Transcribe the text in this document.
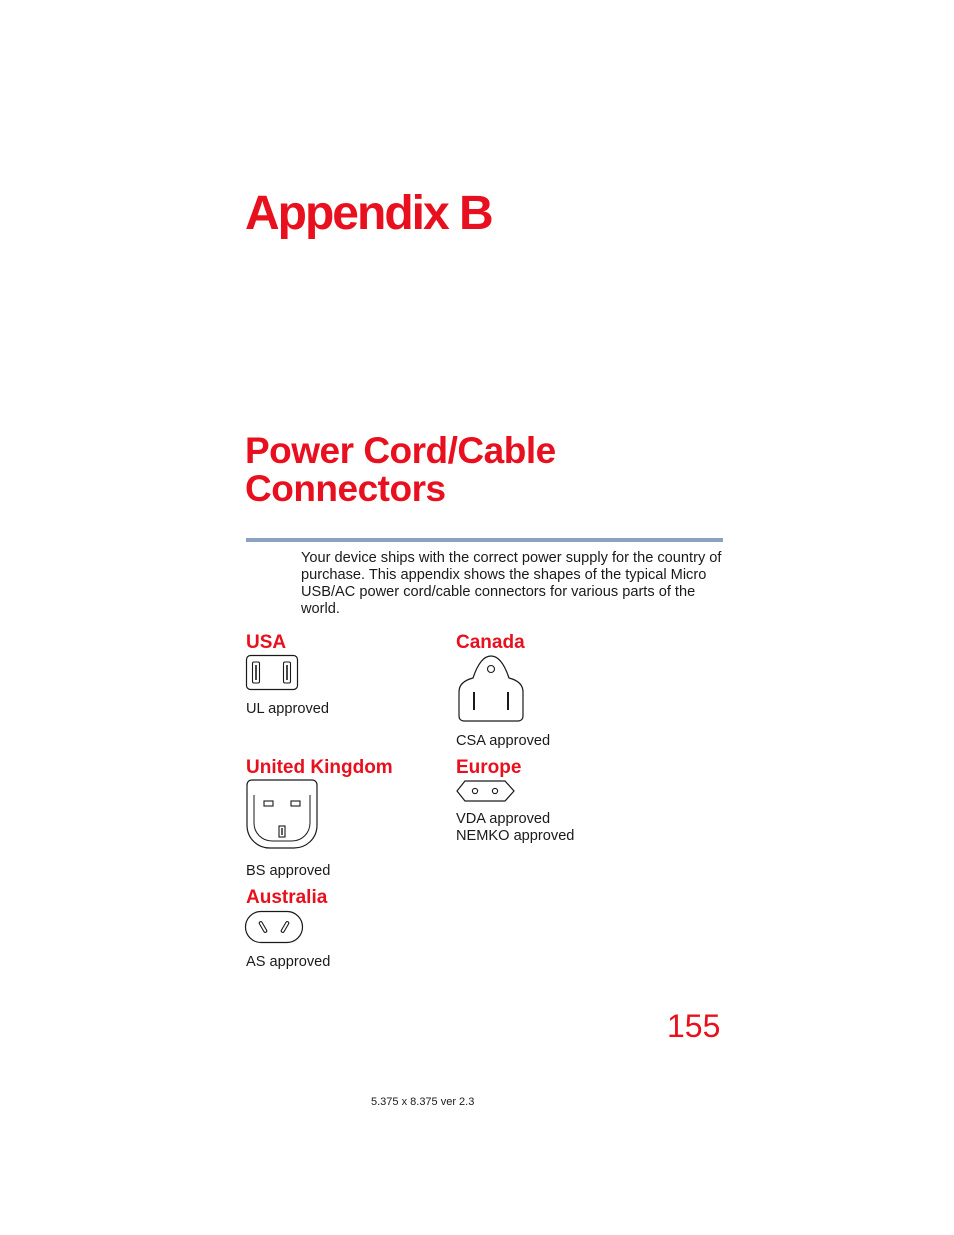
Appendix B
Power Cord/Cable
Connectors

Your device ships with the correct power supply for the country of purchase. This appendix shows the shapes of the typical Micro USB/AC power cord/cable connectors for various parts of the world.

USA

UL approved

Canada

CSA approved

United Kingdom

BS approved

Europe

VDA approved
NEMKO approved

Australia

AS approved

155
5.375 x 8.375 ver 2.3
